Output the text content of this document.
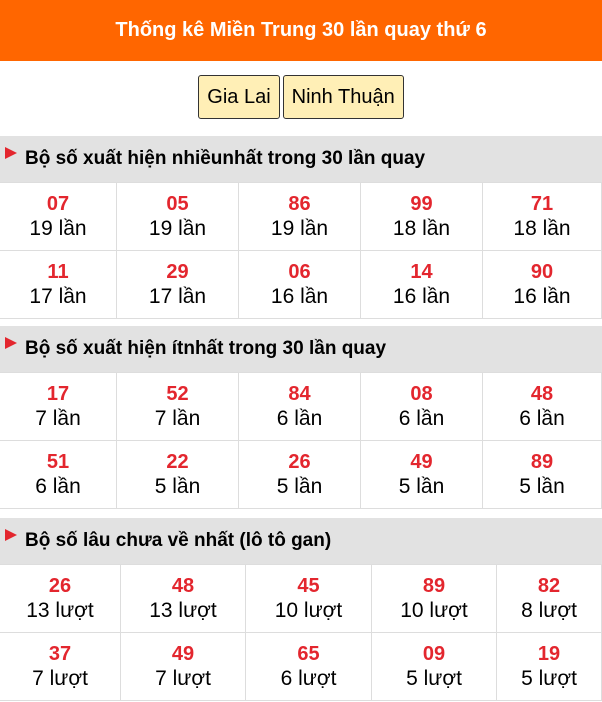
Thống kê Miền Trung 30 lần quay thứ 6
Gia Lai	Ninh Thuận
Bộ số xuất hiện
nhiều nhất trong 30 lần quay
07
19 lần
05
19 lần
86
19 lần
99
18 lần
71
18 lần
11
17 lần
29
17 lần
06
16 lần
14
16 lần
90
16 lần
Bộ số xuất hiện
ít nhất trong 30 lần quay
17
7 lần
52
7 lần
84
6 lần
08
6 lần
48
6 lần
51
6 lần
22
5 lần
26
5 lần
49
5 lần
89
5 lần
Bộ số lâu chưa về nhất ( lô tô gan )
26
13 lượt
48
13 lượt
45
10 lượt
89
10 lượt
82
8 lượt
37
7 lượt
49
7 lượt
65
6 lượt
09
5 lượt
19
5 lượt
